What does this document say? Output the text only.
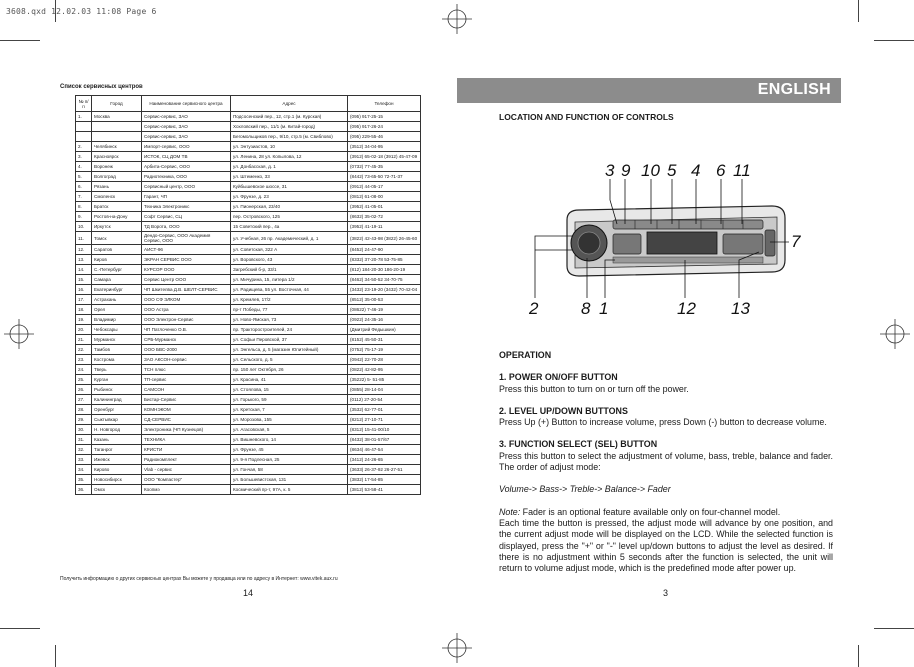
3608.qxd 12.02.03 11:08 Page 6
Список сервисных центров
№ п/п	Город	Наименование сервисного центра	Адрес	Телефон
1.	Москва	Сервис-сервис, ЗАО	Подсосенский пер., 12, стр.1 (м. Курская)	(095) 917-25-15
		Сервис-сервис, ЗАО	Хохловский пер., 11/1 (м. Китай-город)	(095) 917-26-24
		Сервис-сервис, ЗАО	Бегомольщиков пер., 9/10, стр.5 (м. Свиблово)	(095) 229-55-46
2.	Челябинск	Импорт-сервис, ООО	ул. Энтузиастов, 10	(3512) 34-04-95
3.	Красноярск	ИСТОК, СЦ ДОМ ТВ	ул. Ленина, 28 ул. Копылова, 12	(3912) 65-02-18 (3912) 45-47-09
4.	Воронеж	Арбита-Сервис, ООО	ул. Донбасская, д. 1	(0732) 77-45-35
5.	Волгоград	Радиотехника, ООО	ул. Штеменко, 33	(8442) 73-65-50 72-71-37
6.	Рязань	Сервисный центр, ООО	Куйбышевское шоссе, 31	(0912) 44-05-17
7.	Смоленск	Гарант, ЧП	ул. Фрунзе, д. 23	(0812) 61-08-00
8.	Братск	Техника Электроникс	ул. Пионерская, 23/40	(3952) 41-05-01
9.	Ростов-на-Дону	Софт Сервис, СЦ	пер. Островского, 125	(8632) 35-02-72
10.	Иркутск	ТД Ворота, ООО	15 Советский пер., 4а	(3952) 41-19-11
11.	Томск	Дендо-Сервис, ООО Академия Сервис, ООО	ул. Учебная, 26 пр. Академический, д. 1	(3822) 42-43-98 (3822) 26-45-60
12.	Саратов	АИСТ-96	ул. Советская, 322 А	(8452) 24-47-90
13.	Киров	ЭКРАН СЕРВИС ООО	ул. Воровского, 43	(8332) 37-20-78 53-75-85
14.	С.-Петербург	КУРСОР ООО	Загребский б-р, 33/1	(812) 184-20-30 186-20-19
15.	Самара	Сервис Центр ООО	ул. Мичурина, 15, литера 1/2	(8462) 34-50-52 34-70-75
16.	Екатеринбург	ЧП Шкителва Д.В. ШЕЛТ-СЕРВИС	ул. Радищева, 55 ул. Восточная, 44	(3432) 23-19-20 (3432) 70-42-04
17.	Астрахань	ООО СФ ЭЛКОМ	ул. Кремлев, 17/2	(8512) 35-00-53
18.	Орел	ООО Астра	пр-т Победы, 77	(08622) 7-46-19
19.	Владимир	ООО Электрон-Сервис	ул. Ново-Ямская, 73	(0922) 24-35-16
20.	Чебоксары	ЧП Патлоченко О.В.	пр. Тракторостроителей, 24	(Дмитрий Федышкин)
21.	Мурманск	СРБ-Мурманск	ул. Софьи Перовской, 37	(8152) 45-50-31
22.	Тамбов	ООО БВС-2000	ул. Энгельса, д. 5 (магазин Юпитейный)	(0752) 75-17-19
23.	Кострома	ЗАО АКСОН-сервис	ул. Сельского, д. 5	(0942) 22-70-28
24.	Тверь	ТСН плюс	пр. 150 лет Октября, 26	(0822) 42-82-95
25.	Курган	ТП-сервис	ул. Красина, 41	(35222) 5- 51-85
26.	Рыбинск	САМСОН	ул. Стоялова, 15	(0855) 28-14-04
27.	Калининград	Бистар-Сервис	ул. Горького, 59	(0112) 27-20-54
28.	Оренбург	КОМНЭКОМ	ул. Кретская, 7	(3532) 62-77-01
29.	Сыктывкар	СД-СЕРВИС	ул. Морозова, 155	(8212) 27-10-71
30.	Н. Новгород	Электроника (ЧП Кузнецов)	ул. Агасовская, 5	(8312) 15-41-00/10
31.	Казань	ТЕХНИКА	ул. Вишневского, 14	(8432) 38-01-57/67
32.	Таганрог	КРИСТИ	ул. Фрунзе, 45	(8634) 46-47-54
33.	Ижевск	Радиокомплект	ул. 9-я Подлесная, 25	(3412) 24-26-65
34.	Кирово	Vlab - сервис	ул. Гончая, 58	(3633) 26-37-92 26-27-51
35.	Новосибирск	ООО "Компастер"	ул. Большевистская, 131	(3832) 17-54-85
36.	Омск	Коопмэ	Космический пр-т, 97А, к. 5	(3812) 53-58-41
Получить информацию о других сервисных центрах Вы можете у продавца или по адресу в Интернет: www.vitek.aux.ru
14
ENGLISH
LOCATION AND FUNCTION OF CONTROLS
3 9 10 5 4 6 11
7
2	8 1	12 13

OPERATION

1. POWER ON/OFF BUTTON

Press this button to turn on or turn off the power.

2. LEVEL UP/DOWN BUTTONS

Press Up (+) Button to increase volume, press Down (-) button to decrease volume.

3. FUNCTION SELECT (SEL) BUTTON

Press this button to select the adjustment of volume, bass, treble, balance and fader. The order of adjust mode:

Volume-> Bass-> Treble-> Balance-> Fader

Note: Fader is an optional feature available only on four-channel model.

Each time the button is pressed, the adjust mode will advance by one position, and the current adjust mode will be displayed on the LCD. While the selected function is displayed, press the "+" or "-" level up/down buttons to adjust the level as desired. If there is no adjustment within 5 seconds after the function is selected, the unit will return to volume adjust mode, which is the predefined mode after power up.

3
